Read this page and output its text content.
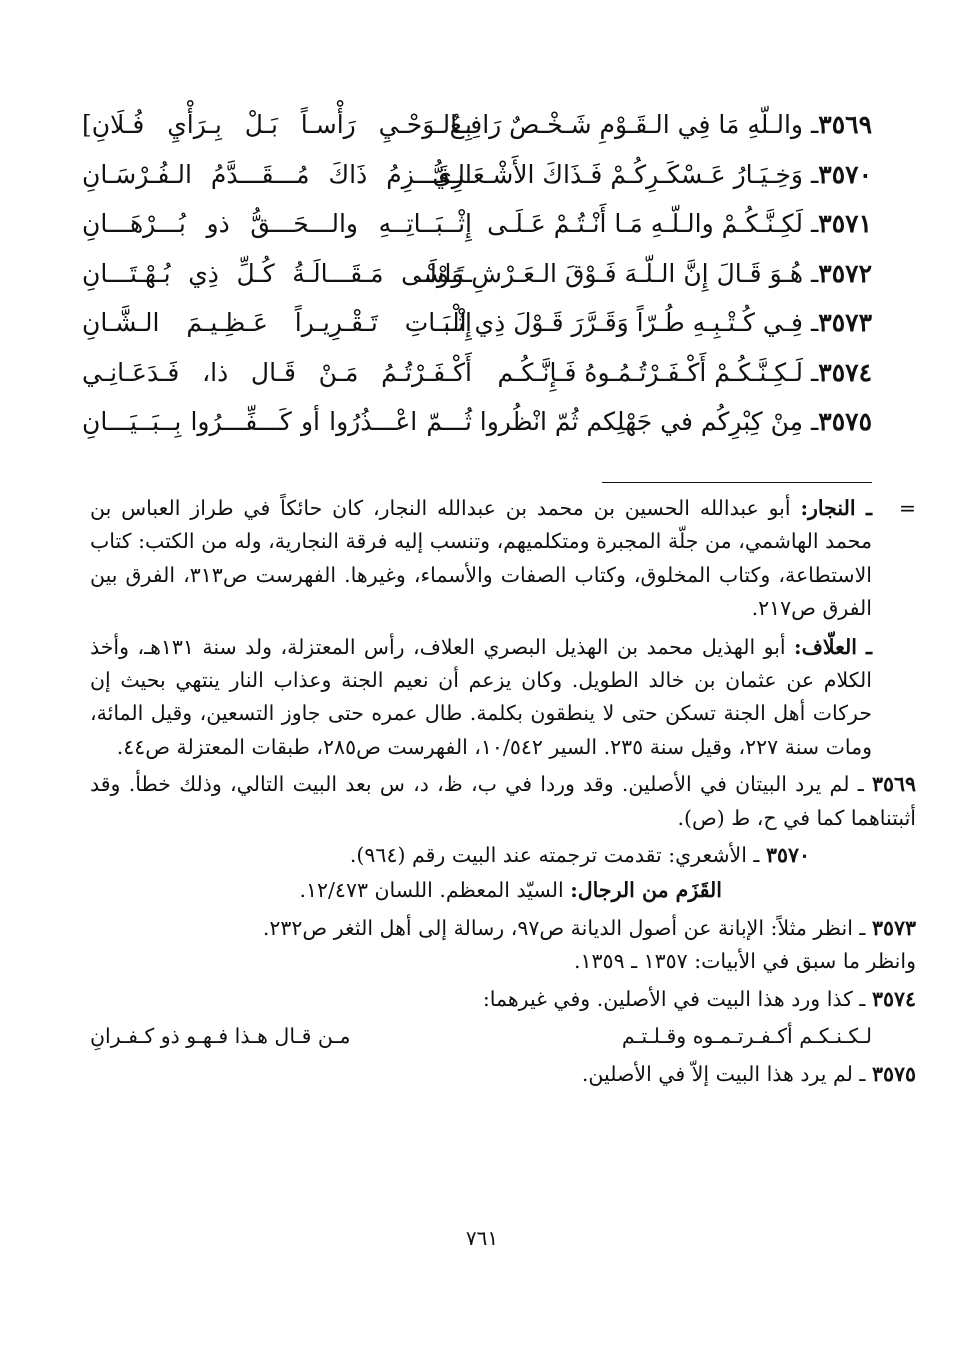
٣٥٦٩ـ والـلّهِ مَا فِي الـقَـوْمِ شَـخْـصٌ رَافِـعٌ
بِـالـوَحْـيِ رَأْسـاً بَـلْ بِـرَأْيِ فُـلَانِ]
٣٥٧٠ـ وَخِـيَـارُ عَـسْكَـرِكُـمْ فَـذَاكَ الأَشْـعَـرِيُّ
الـقَـــزِمُ ذَاكَ مُـــقَـــدَّمُ الـفُـرْسَـانِ
٣٥٧١ـ لَكِـنَّـكُـمْ والـلّـهِ مَـا أَنْـتُـمْ عَـلَـى
إِثْــبَــاتِــهِ والـــحَـــقُّ ذو بُـــرْهَـــانِ
٣٥٧٢ـ هُـوَ قَـالَ إِنَّ الـلّـهَ فَـوْقَ الـعَـرْشِ وَاسْـ
ـتَـوْلَـى مَـقَـــالَـةُ كُـلِّ ذِي بُـهْـتَـــانِ
٣٥٧٣ـ فِـي كُـتْـبِـهِ طُـرّاً وَقَـرَّرَ قَـوْلَ ذِي الْـ
إِثْـبَـاتِ تَـقْـرِيـراً عَـظِـيـمَ الـشَّـانِ
٣٥٧٤ـ لَـكِـنَّـكُـمْ أَكْـفَـرْتُـمُـوهُ فَـإِنَّـكُـم
أَكْـفَـرْتُـمُ مَـنْ قَـال ذا، فَـدَعَـانِـي
٣٥٧٥ـ مِنْ كِبْرِكُم في جَهْلِكم ثُمّ انْظُروا
ثُـــمّ اعْـــذُرُوا أو كَـــفِّـــرُوا بِــبَــيَـــانِ
=
ـ النجار: أبو عبدالله الحسين بن محمد بن عبدالله النجار، كان حائكاً في طراز العباس بن محمد الهاشمي، من جلّة المجبرة ومتكلميهم، وتنسب إليه فرقة النجارية، وله من الكتب: كتاب الاستطاعة، وكتاب المخلوق، وكتاب الصفات والأسماء، وغيرها. الفهرست ص٣١٣، الفرق بين الفرق ص٢١٧.
ـ العلّاف: أبو الهذيل محمد بن الهذيل البصري العلاف، رأس المعتزلة، ولد سنة ١٣١هـ، وأخذ الكلام عن عثمان بن خالد الطويل. وكان يزعم أن نعيم الجنة وعذاب النار ينتهي بحيث إن حركات أهل الجنة تسكن حتى لا ينطقون بكلمة. طال عمره حتى جاوز التسعين، وقيل المائة، ومات سنة ٢٢٧، وقيل سنة ٢٣٥. السير ١٠/٥٤٢، الفهرست ص٢٨٥، طبقات المعتزلة ص٤٤.
٣٥٦٩ ـ لم يرد البيتان في الأصلين. وقد وردا في ب، ظ، د، س بعد البيت التالي، وذلك خطأ. وقد أثبتناهما كما في ح، ط (ص).
٣٥٧٠ ـ الأشعري: تقدمت ترجمته عند البيت رقم (٩٦٤).
القَزَم من الرجال: السيّد المعظم. اللسان ١٢/٤٧٣.
٣٥٧٣ ـ انظر مثلاً: الإبانة عن أصول الديانة ص٩٧، رسالة إلى أهل الثغر ص٢٣٢.
وانظر ما سبق في الأبيات: ١٣٥٧ ـ ١٣٥٩.
٣٥٧٤ ـ كذا ورد هذا البيت في الأصلين. وفي غيرهما:
لـكـنـكـم أكـفـرتـمـوه وقـلـتـم
مـن قـال هـذا فـهـو ذو كـفـرانِ
٣٥٧٥ ـ لم يرد هذا البيت إلاّ في الأصلين.
٧٦١
